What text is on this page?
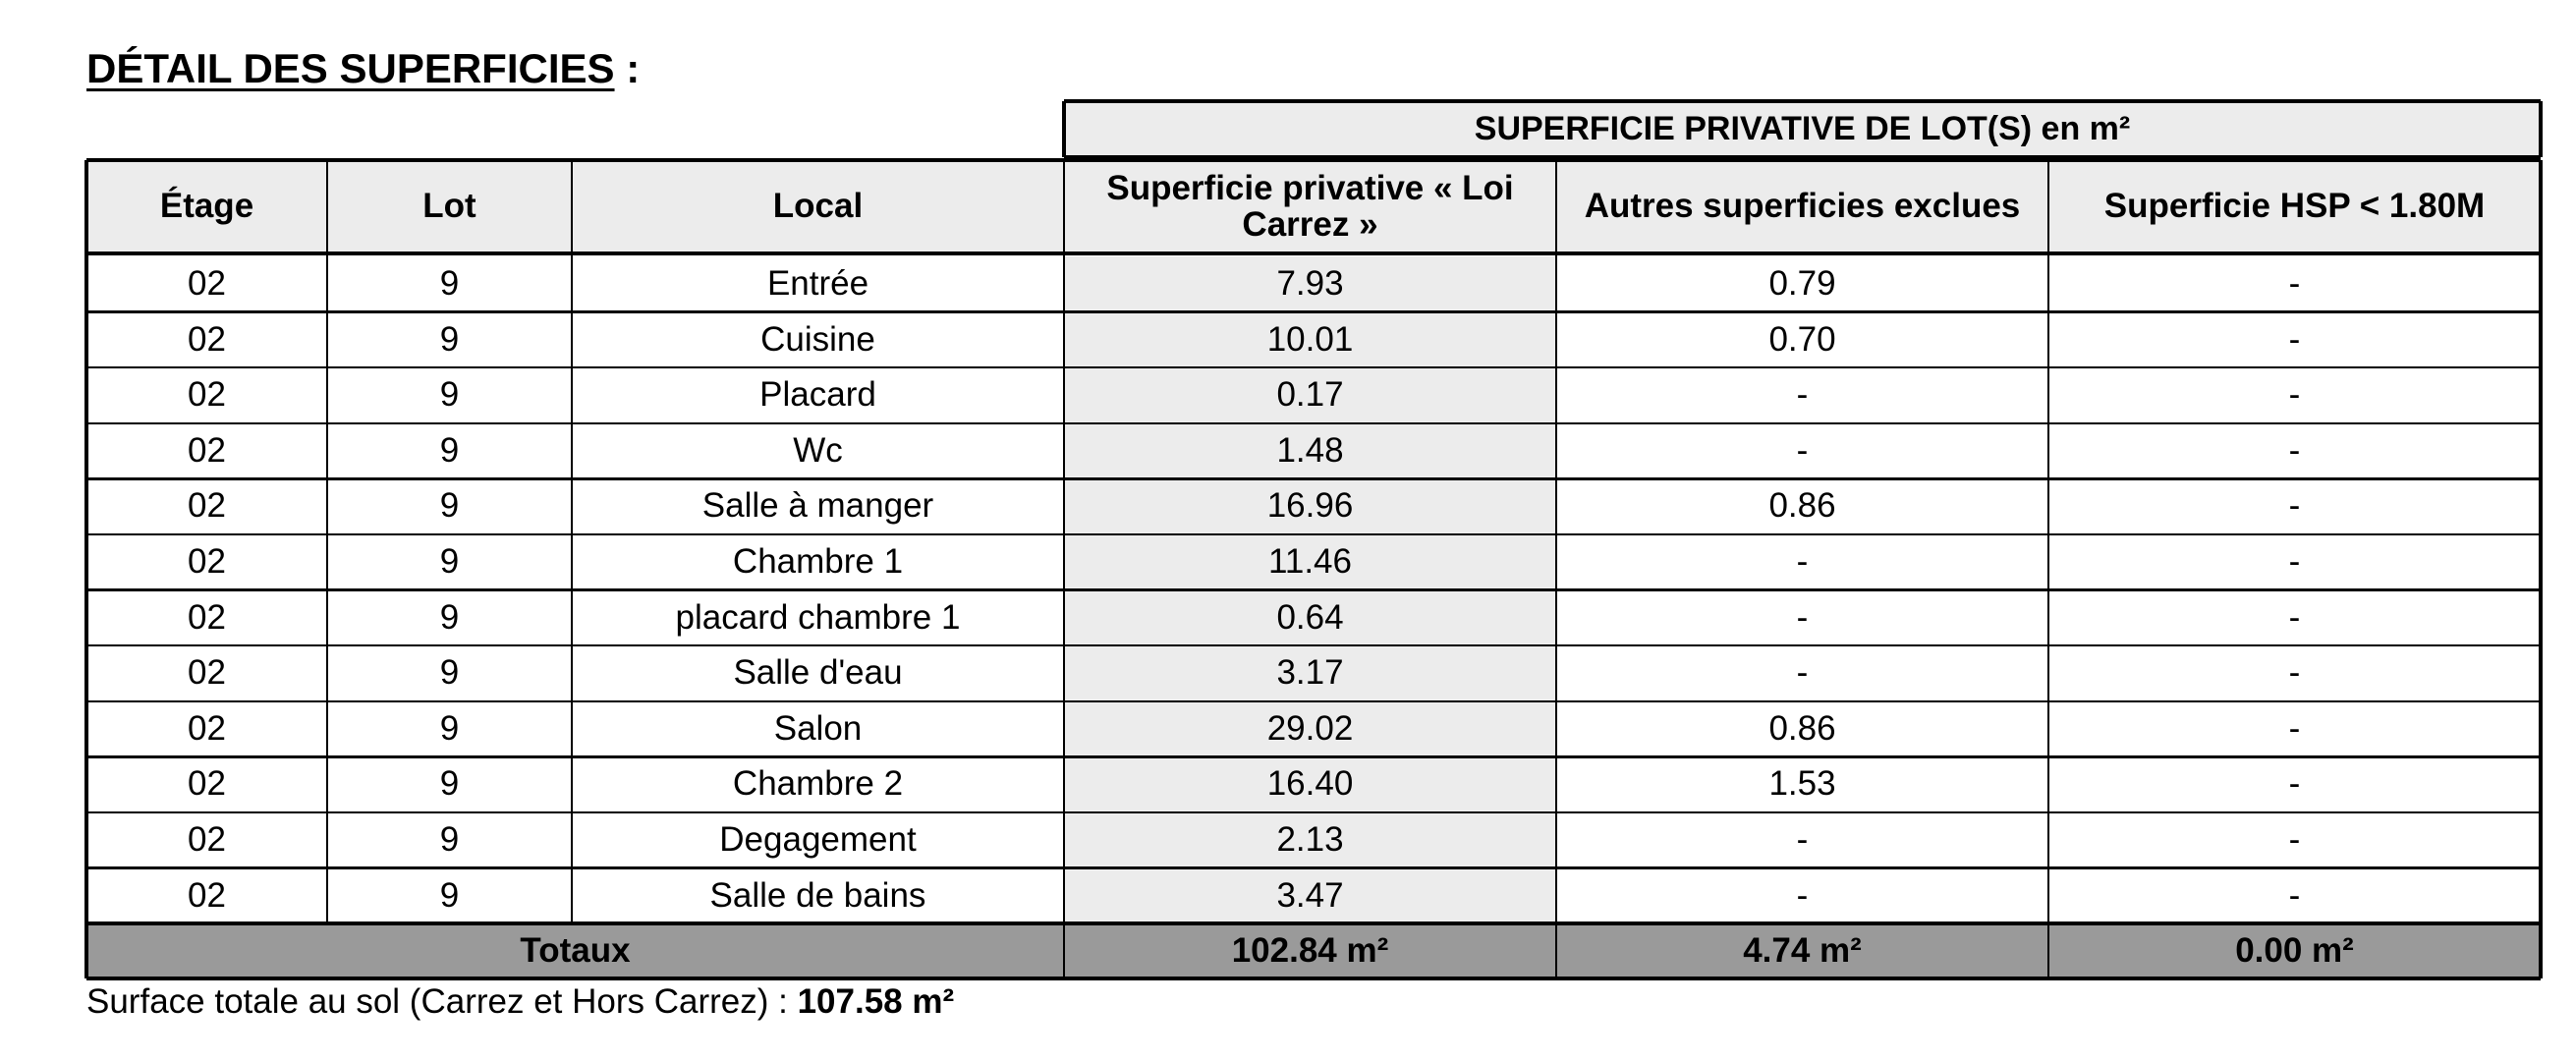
DÉTAIL DES SUPERFICIES :
SUPERFICIE PRIVATIVE DE LOT(S) en m²
Étage	Lot	Local	Superficie privative « Loi Carrez »	Autres superficies exclues	Superficie HSP < 1.80M
02	9	Entrée	7.93	0.79	-
02	9	Cuisine	10.01	0.70	-
02	9	Placard	0.17	-	-
02	9	Wc	1.48	-	-
02	9	Salle à manger	16.96	0.86	-
02	9	Chambre 1	11.46	-	-
02	9	placard chambre 1	0.64	-	-
02	9	Salle d'eau	3.17	-	-
02	9	Salon	29.02	0.86	-
02	9	Chambre 2	16.40	1.53	-
02	9	Degagement	2.13	-	-
02	9	Salle de bains	3.47	-	-
Totaux	102.84 m²	4.74 m²	0.00 m²
Surface totale au sol (Carrez et Hors Carrez) : 107.58 m²
